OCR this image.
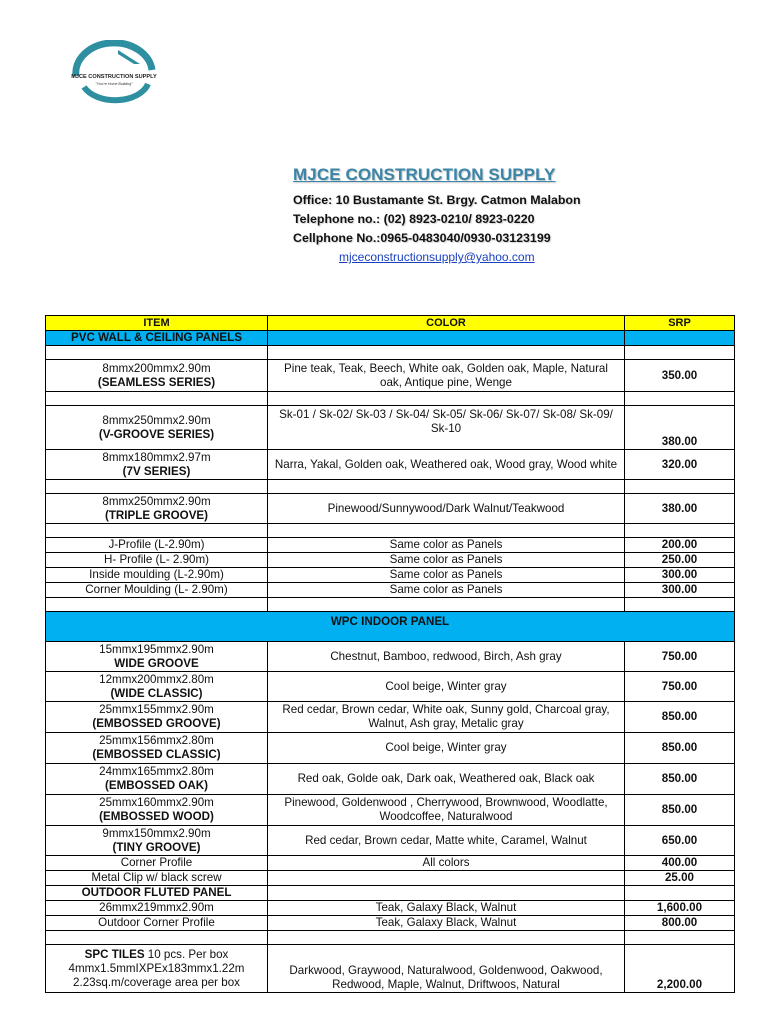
MJCE CONSTRUCTION SUPPLY
"You're Home Building"
MJCE CONSTRUCTION SUPPLY
Office: 10 Bustamante St. Brgy. Catmon Malabon
Telephone no.: (02) 8923-0210/ 8923-0220
Cellphone No.:0965-0483040/0930-03123199
mjceconstructionsupply@yahoo.com
ITEM	COLOR	SRP
PVC WALL & CEILING PANELS		

8mmx200mmx2.90m
(SEAMLESS SERIES)	Pine teak, Teak, Beech, White oak, Golden oak, Maple, Natural oak, Antique pine, Wenge	350.00

8mmx250mmx2.90m
(V-GROOVE SERIES)	Sk-01 / Sk-02/ Sk-03 / Sk-04/ Sk-05/ Sk-06/ Sk-07/ Sk-08/ Sk-09/ Sk-10	380.00

8mmx180mmx2.97m
(7V SERIES)	Narra, Yakal, Golden oak, Weathered oak, Wood gray, Wood white	320.00

8mmx250mmx2.90m
(TRIPLE GROOVE)	Pinewood/Sunnywood/Dark Walnut/Teakwood	380.00

J-Profile (L-2.90m)	Same color as Panels	200.00
H- Profile (L- 2.90m)	Same color as Panels	250.00
Inside moulding (L-2.90m)	Same color as Panels	300.00
Corner Moulding (L- 2.90m)	Same color as Panels	300.00

WPC INDOOR PANEL		

15mmx195mmx2.90m
WIDE GROOVE	Chestnut, Bamboo, redwood, Birch, Ash gray	750.00

12mmx200mmx2.80m
(WIDE CLASSIC)	Cool beige, Winter gray	750.00

25mmx155mmx2.90m
(EMBOSSED GROOVE)	Red cedar, Brown cedar, White oak, Sunny gold, Charcoal gray, Walnut, Ash gray, Metalic gray	850.00

25mmx156mmx2.80m
(EMBOSSED CLASSIC)	Cool beige, Winter gray	850.00

24mmx165mmx2.80m
(EMBOSSED OAK)	Red oak, Golde oak, Dark oak, Weathered oak, Black oak	850.00

25mmx160mmx2.90m
(EMBOSSED WOOD)	Pinewood, Goldenwood , Cherrywood, Brownwood, Woodlatte, Woodcoffee, Naturalwood	850.00

9mmx150mmx2.90m
(TINY GROOVE)	Red cedar, Brown cedar, Matte white, Caramel, Walnut	650.00
Corner Profile	All colors	400.00
Metal Clip w/ black screw		25.00
OUTDOOR FLUTED PANEL		
26mmx219mmx2.90m	Teak, Galaxy Black, Walnut	1,600.00
Outdoor Corner Profile	Teak, Galaxy Black, Walnut	800.00

SPC TILES 10 pcs. Per box
4mmx1.5mmIXPEx183mmx1.22m
2.23sq.m/coverage area per box	Darkwood, Graywood, Naturalwood, Goldenwood, Oakwood, Redwood, Maple, Walnut, Driftwoos, Natural	2,200.00
